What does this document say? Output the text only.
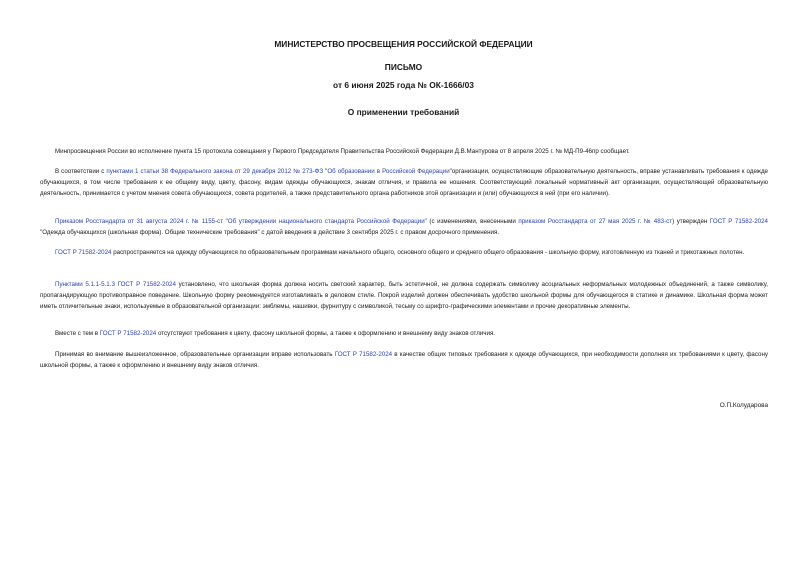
МИНИСТЕРСТВО ПРОСВЕЩЕНИЯ РОССИЙСКОЙ ФЕДЕРАЦИИ
ПИСЬМО
от 6 июня 2025 года № ОК-1666/03
О применении требований

Минпросвещения России во исполнение пункта 15 протокола совещания у Первого Председателя Правительства Российской Федерации Д.В.Мантурова от 8 апреля 2025 г. № МД-П9-46пр сообщает.

В соответствии с пунктами 1 статьи 38 Федерального закона от 29 декабря 2012 № 273-ФЗ "Об образовании в Российской Федерации"организации, осуществляющие образовательную деятельность, вправе устанавливать требования к одежде обучающихся, в том числе требования к ее общему виду, цвету, фасону, видам одежды обучающихся, знакам отличия, и правила ее ношения. Соответствующий локальный нормативный акт организации, осуществляющей образовательную деятельность, принимается с учетом мнения совета обучающихся, совета родителей, а также представительного органа работников этой организации и (или) обучающихся в ней (при его наличии).

Приказом Росстандарта от 31 августа 2024 г. № 1155-ст "Об утверждении национального стандарта Российской Федерации" (с изменениями, внесенными приказом Росстандарта от 27 мая 2025 г. № 483-ст) утвержден ГОСТ Р 71582-2024 "Одежда обучающихся (школьная форма). Общие технические требования" с датой введения в действие 3 сентября 2025 г. с правом досрочного применения.

ГОСТ Р 71582-2024 распространяется на одежду обучающихся по образовательным программам начального общего, основного общего и среднего общего образования - школьную форму, изготовленную из тканей и трикотажных полотен.

Пунктами 5.1.1-5.1.3 ГОСТ Р 71582-2024 установлено, что школьная форма должна носить светский характер, быть эстетичной, не должна содержать символику асоциальных неформальных молодежных объединений, а также символику, пропагандирующую противоправное поведение. Школьную форму рекомендуется изготавливать в деловом стиле. Покрой изделий должен обеспечивать удобство школьной формы для обучающегося в статике и динамике. Школьная форма может иметь отличительные знаки, используемые в образовательной организации: эмблемы, нашивки, фурнитуру с символикой, тесьму со шрифто-графическими элементами и прочие декоративные элементы.

Вместе с тем в ГОСТ Р 71582-2024 отсутствуют требования к цвету, фасону школьной формы, а также к оформлению и внешнему виду знаков отличия.

Принимая во внимание вышеизложенное, образовательные организации вправе использовать ГОСТ Р 71582-2024 в качестве общих типовых требования к одежде обучающихся, при необходимости дополняя их требованиями к цвету, фасону школьной формы, а также к оформлению и внешнему виду знаков отличия.

О.П.Колударова
